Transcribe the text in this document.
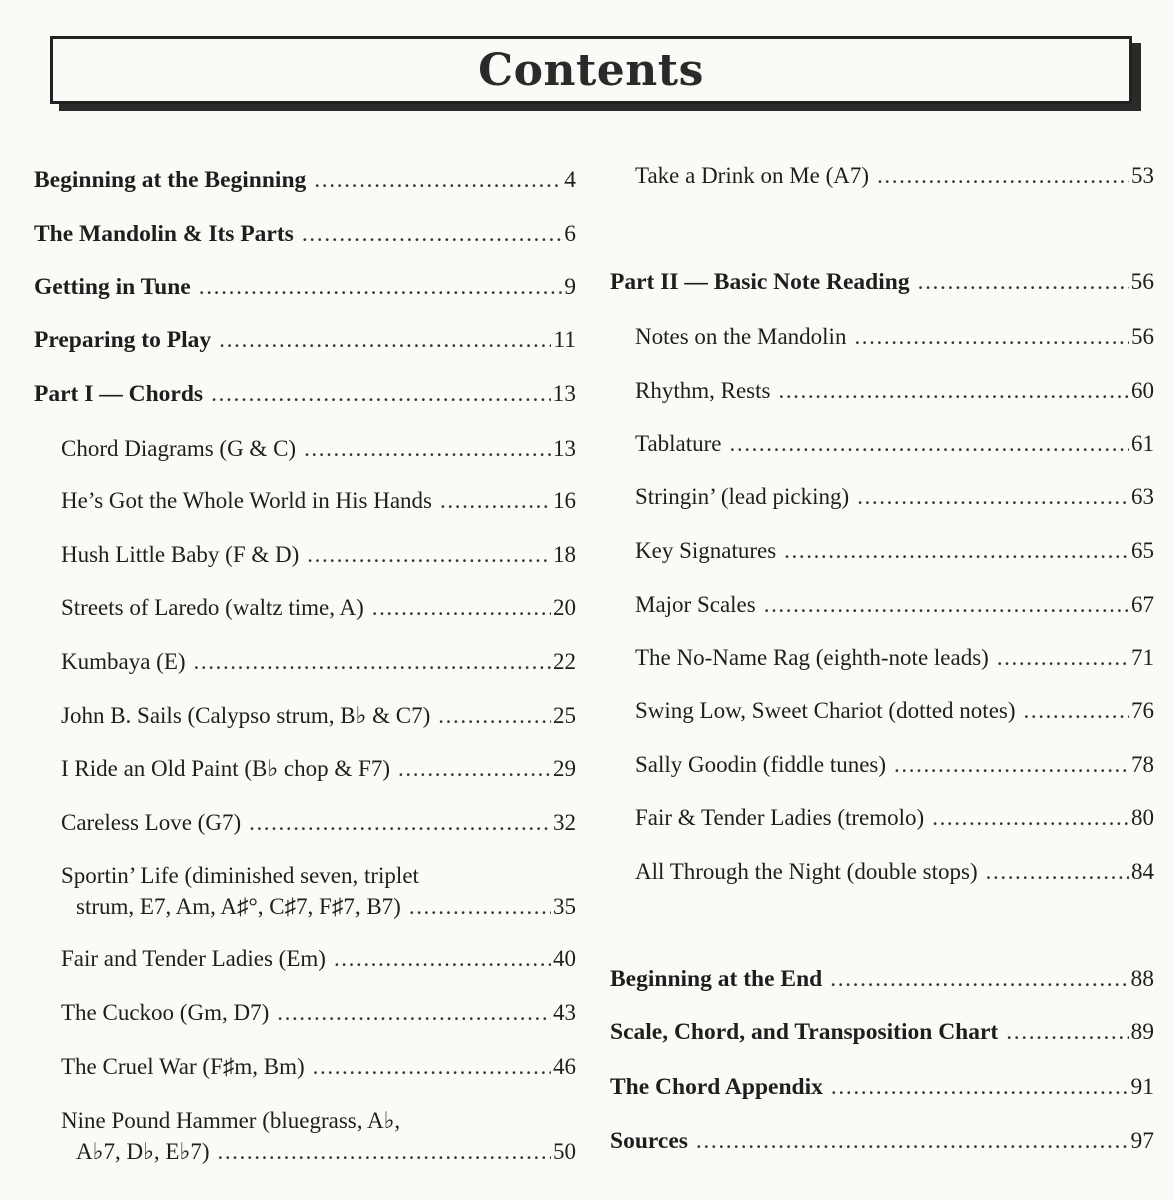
Contents
Beginning at the Beginning .....	4
The Mandolin & Its Parts .....	6
Getting in Tune .....	9
Preparing to Play .....	11
Part I — Chords .....	13
Chord Diagrams (G & C) .....	13
He’s Got the Whole World in His Hands .....	16
Hush Little Baby (F & D) .....	18
Streets of Laredo (waltz time, A) .....	20
Kumbaya (E) .....	22
John B. Sails (Calypso strum, B♭ & C7) .....	25
I Ride an Old Paint (B♭ chop & F7) .....	29
Careless Love (G7) .....	32
Sportin’ Life (diminished seven, triplet
strum, E7, Am, A♯°, C♯7, F♯7, B7) .....	35
Fair and Tender Ladies (Em) .....	40
The Cuckoo (Gm, D7) .....	43
The Cruel War (F♯m, Bm) .....	46
Nine Pound Hammer (bluegrass, A♭,
A♭7, D♭, E♭7) .....	50
Take a Drink on Me (A7) .....	53
Part II — Basic Note Reading .....	56
Notes on the Mandolin .....	56
Rhythm, Rests .....	60
Tablature .....	61
Stringin’ (lead picking) .....	63
Key Signatures .....	65
Major Scales .....	67
The No-Name Rag (eighth-note leads) .....	71
Swing Low, Sweet Chariot (dotted notes) .....	76
Sally Goodin (fiddle tunes) .....	78
Fair & Tender Ladies (tremolo) .....	80
All Through the Night (double stops) .....	84
Beginning at the End .....	88
Scale, Chord, and Transposition Chart .....	89
The Chord Appendix .....	91
Sources .....	97
